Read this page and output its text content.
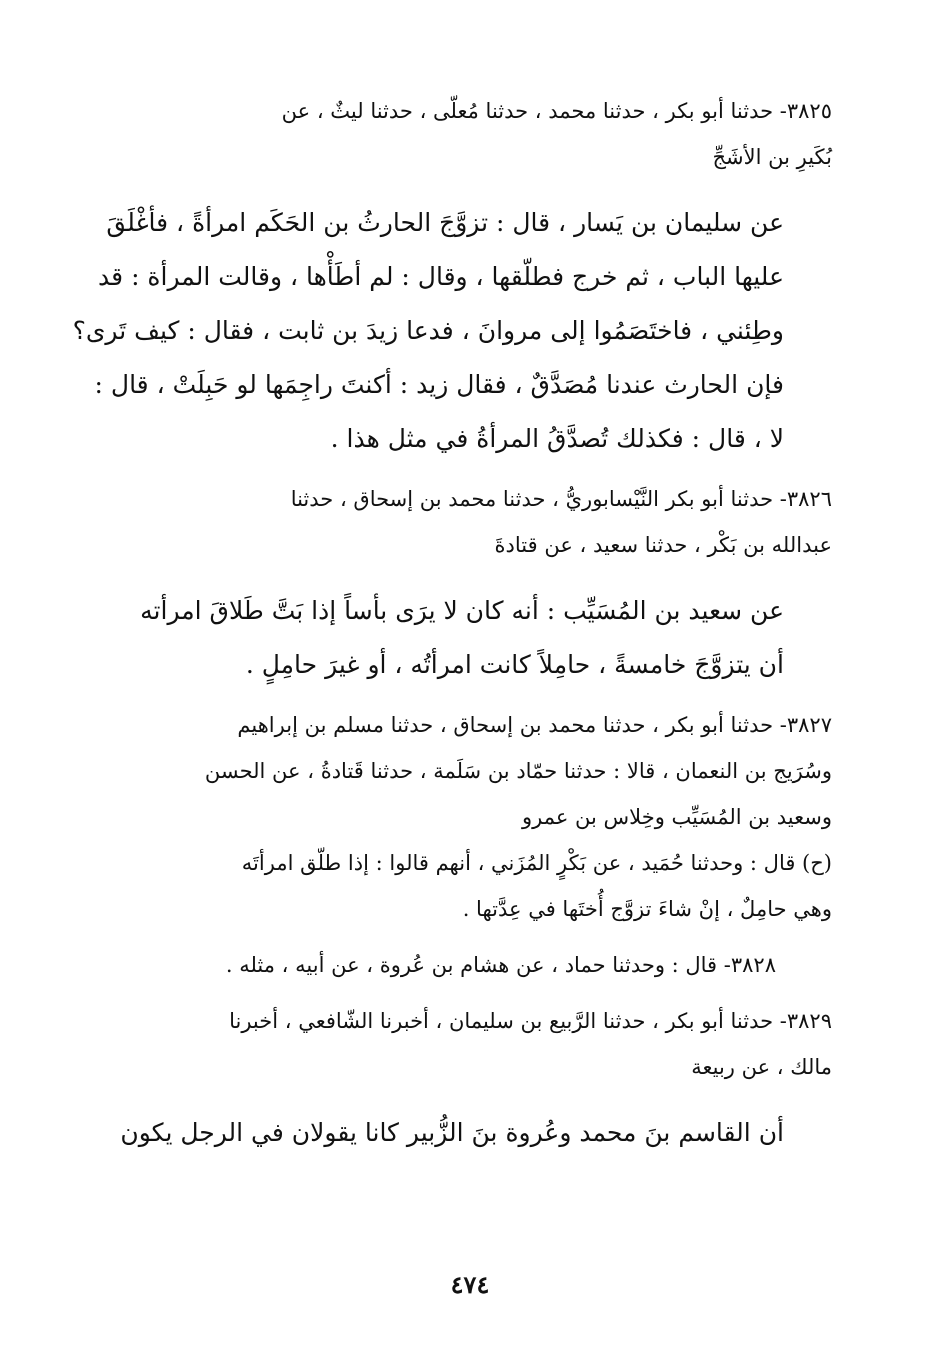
٣٨٢٥- حدثنا أبو بكر ، حدثنا محمد ، حدثنا مُعلّى ، حدثنا ليثٌ ، عن
بُكَيرِ بن الأشَجِّ
عن سليمان بن يَسار ، قال : تزوَّجَ الحارثُ بن الحَكَم امرأةً ، فأغْلَقَ
عليها الباب ، ثم خرج فطلّقها ، وقال : لم أطَأْها ، وقالت المرأة : قد
وطِئني ، فاختَصَمُوا إلى مروانَ ، فدعا زيدَ بن ثابت ، فقال : كيف تَرى؟
فإن الحارث عندنا مُصَدَّقٌ ، فقال زيد : أكنتَ راجِمَها لو حَبِلَتْ ، قال :
لا ، قال : فكذلك تُصدَّقُ المرأةُ في مثل هذا .
٣٨٢٦- حدثنا أبو بكر النَّيْسابوريُّ ، حدثنا محمد بن إسحاق ، حدثنا
عبدالله بن بَكْر ، حدثنا سعيد ، عن قتادةَ
عن سعيد بن المُسَيِّب : أنه كان لا يرَى بأساً إذا بَتَّ طَلاقَ امرأته
أن يتزوَّجَ خامسةً ، حامِلاً كانت امرأتُه ، أو غيرَ حامِلٍ .
٣٨٢٧- حدثنا أبو بكر ، حدثنا محمد بن إسحاق ، حدثنا مسلم بن إبراهيم
وسُرَيج بن النعمان ، قالا : حدثنا حمّاد بن سَلَمة ، حدثنا قَتادةُ ، عن الحسن
وسعيد بن المُسَيِّب وخِلاس بن عمرو
(ح) قال : وحدثنا حُمَيد ، عن بَكْرٍ المُزَني ، أنهم قالوا : إذا طلّق امرأتَه
وهي حامِلٌ ، إنْ شاءَ تزوَّج أُختَها في عِدَّتها .
٣٨٢٨- قال : وحدثنا حماد ، عن هشام بن عُروة ، عن أبيه ، مثله .
٣٨٢٩- حدثنا أبو بكر ، حدثنا الرَّبيع بن سليمان ، أخبرنا الشّافعي ، أخبرنا
مالك ، عن ربيعة
أن القاسم بنَ محمد وعُروة بنَ الزُّبير كانا يقولان في الرجل يكون
٤٧٤
